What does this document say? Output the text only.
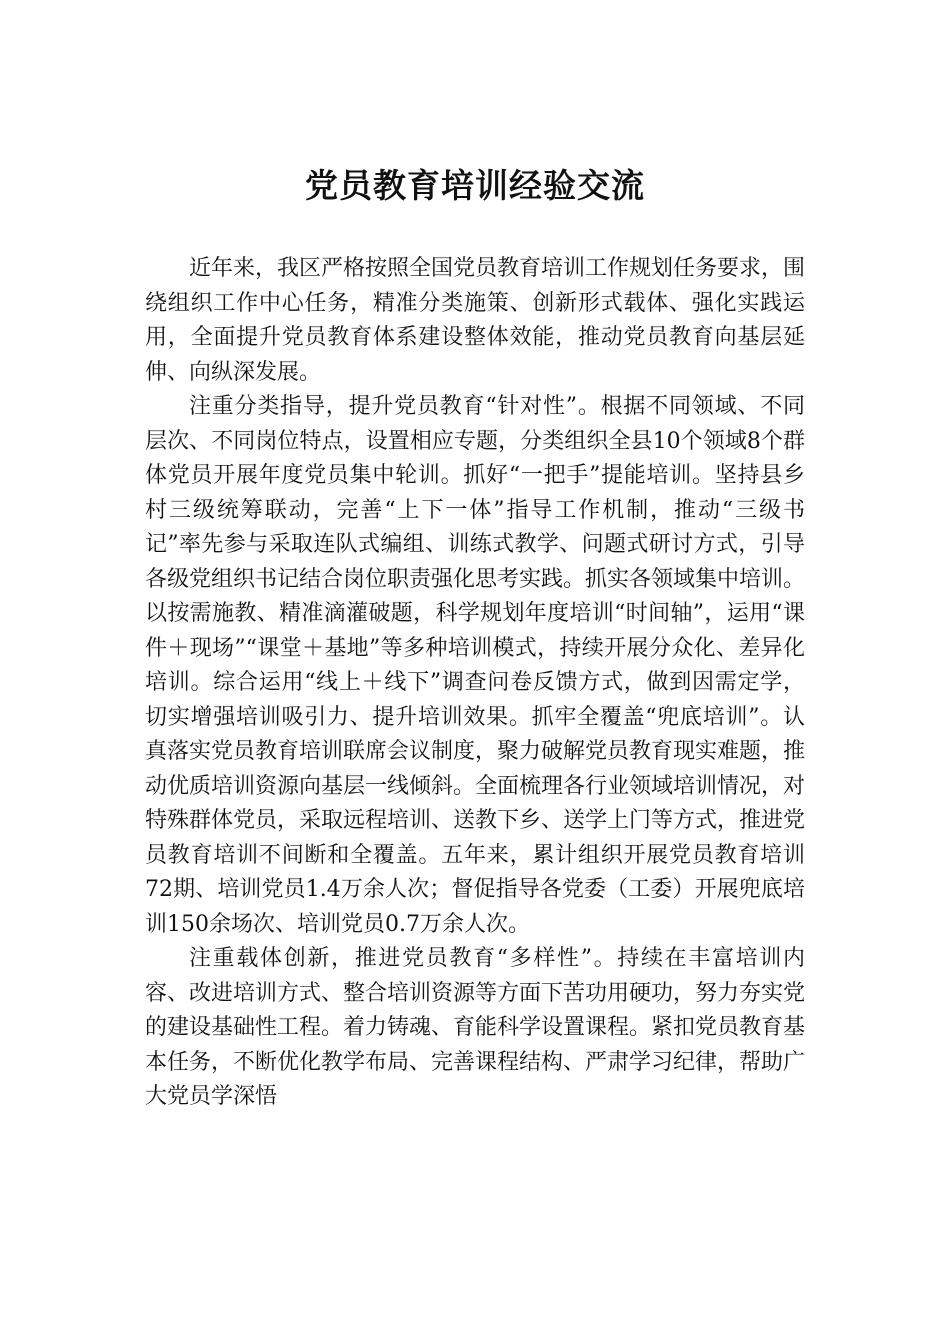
党员教育培训经验交流

近年来，我区严格按照全国党员教育培训工作规划任务要求，围绕组织工作中心任务，精准分类施策、创新形式载体、强化实践运用，全面提升党员教育体系建设整体效能，推动党员教育向基层延伸、向纵深发展。

注重分类指导，提升党员教育“针对性”。根据不同领域、不同层次、不同岗位特点，设置相应专题，分类组织全县10个领域8个群体党员开展年度党员集中轮训。抓好“一把手”提能培训。坚持县乡村三级统筹联动，完善“上下一体”指导工作机制，推动“三级书记”率先参与采取连队式编组、训练式教学、问题式研讨方式，引导各级党组织书记结合岗位职责强化思考实践。抓实各领域集中培训。以按需施教、精准滴灌破题，科学规划年度培训“时间轴”，运用“课件＋现场”“课堂＋基地”等多种培训模式，持续开展分众化、差异化培训。综合运用“线上＋线下”调查问卷反馈方式，做到因需定学，切实增强培训吸引力、提升培训效果。抓牢全覆盖“兜底培训”。认真落实党员教育培训联席会议制度，聚力破解党员教育现实难题，推动优质培训资源向基层一线倾斜。全面梳理各行业领域培训情况，对特殊群体党员，采取远程培训、送教下乡、送学上门等方式，推进党员教育培训不间断和全覆盖。五年来，累计组织开展党员教育培训72期、培训党员1.4万余人次；督促指导各党委（工委）开展兜底培训150余场次、培训党员0.7万余人次。

注重载体创新，推进党员教育“多样性”。持续在丰富培训内容、改进培训方式、整合培训资源等方面下苦功用硬功，努力夯实党的建设基础性工程。着力铸魂、育能科学设置课程。紧扣党员教育基本任务，不断优化教学布局、完善课程结构、严肃学习纪律，帮助广大党员学深悟
